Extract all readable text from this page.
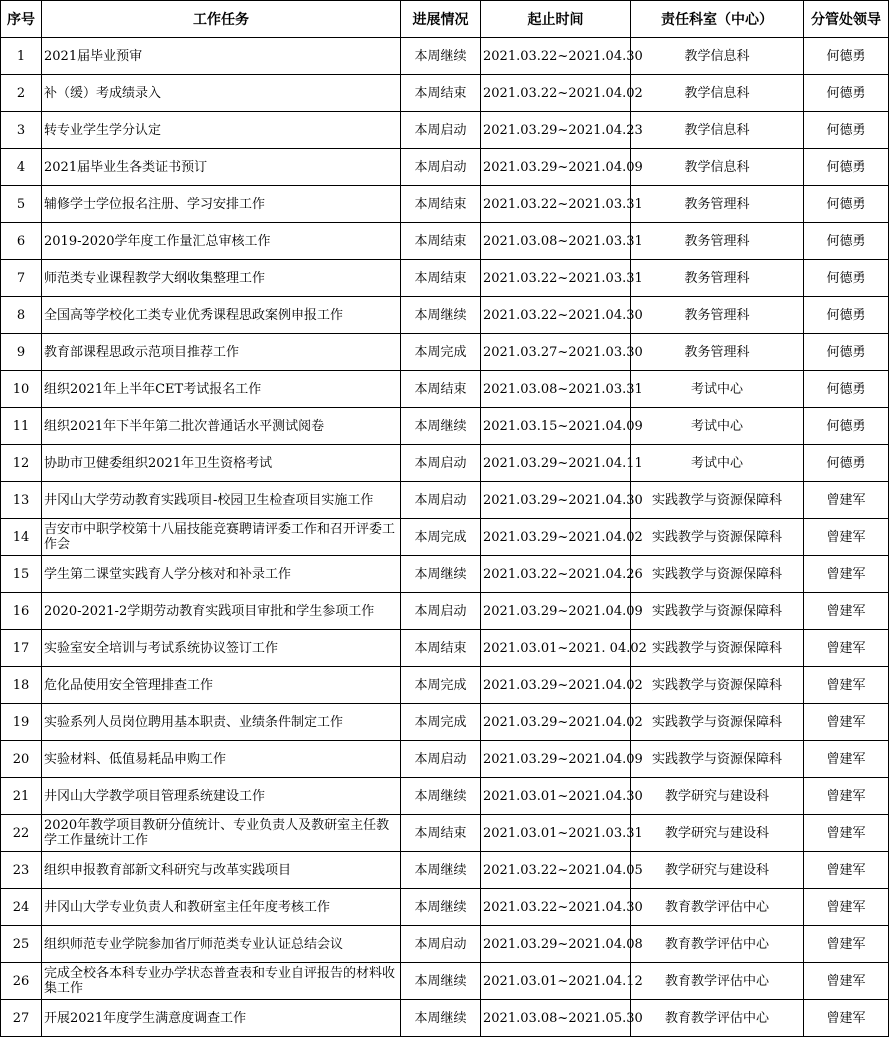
序号	工作任务	进展情况	起止时间	责任科室（中心）	分管处领导
1	2021届毕业预审	本周继续	2021.03.22~2021.04.30	教学信息科	何德勇
2	补（缓）考成绩录入	本周结束	2021.03.22~2021.04.02	教学信息科	何德勇
3	转专业学生学分认定	本周启动	2021.03.29~2021.04.23	教学信息科	何德勇
4	2021届毕业生各类证书预订	本周启动	2021.03.29~2021.04.09	教学信息科	何德勇
5	辅修学士学位报名注册、学习安排工作	本周结束	2021.03.22~2021.03.31	教务管理科	何德勇
6	2019-2020学年度工作量汇总审核工作	本周结束	2021.03.08~2021.03.31	教务管理科	何德勇
7	师范类专业课程教学大纲收集整理工作	本周结束	2021.03.22~2021.03.31	教务管理科	何德勇
8	全国高等学校化工类专业优秀课程思政案例申报工作	本周继续	2021.03.22~2021.04.30	教务管理科	何德勇
9	教育部课程思政示范项目推荐工作	本周完成	2021.03.27~2021.03.30	教务管理科	何德勇
10	组织2021年上半年CET考试报名工作	本周结束	2021.03.08~2021.03.31	考试中心	何德勇
11	组织2021年下半年第二批次普通话水平测试阅卷	本周继续	2021.03.15~2021.04.09	考试中心	何德勇
12	协助市卫健委组织2021年卫生资格考试	本周启动	2021.03.29~2021.04.11	考试中心	何德勇
13	井冈山大学劳动教育实践项目-校园卫生检查项目实施工作	本周启动	2021.03.29~2021.04.30	实践教学与资源保障科	曾建军
14	吉安市中职学校第十八届技能竞赛聘请评委工作和召开评委工作会	本周完成	2021.03.29~2021.04.02	实践教学与资源保障科	曾建军
15	学生第二课堂实践育人学分核对和补录工作	本周继续	2021.03.22~2021.04.26	实践教学与资源保障科	曾建军
16	2020-2021-2学期劳动教育实践项目审批和学生参项工作	本周启动	2021.03.29~2021.04.09	实践教学与资源保障科	曾建军
17	实验室安全培训与考试系统协议签订工作	本周结束	2021.03.01~2021. 04.02	实践教学与资源保障科	曾建军
18	危化品使用安全管理排查工作	本周完成	2021.03.29~2021.04.02	实践教学与资源保障科	曾建军
19	实验系列人员岗位聘用基本职责、业绩条件制定工作	本周完成	2021.03.29~2021.04.02	实践教学与资源保障科	曾建军
20	实验材料、低值易耗品申购工作	本周启动	2021.03.29~2021.04.09	实践教学与资源保障科	曾建军
21	井冈山大学教学项目管理系统建设工作	本周继续	2021.03.01~2021.04.30	教学研究与建设科	曾建军
22	2020年教学项目教研分值统计、专业负责人及教研室主任教学工作量统计工作	本周结束	2021.03.01~2021.03.31	教学研究与建设科	曾建军
23	组织申报教育部新文科研究与改革实践项目	本周继续	2021.03.22~2021.04.05	教学研究与建设科	曾建军
24	井冈山大学专业负责人和教研室主任年度考核工作	本周继续	2021.03.22~2021.04.30	教育教学评估中心	曾建军
25	组织师范专业学院参加省厅师范类专业认证总结会议	本周启动	2021.03.29~2021.04.08	教育教学评估中心	曾建军
26	完成全校各本科专业办学状态普查表和专业自评报告的材料收集工作	本周继续	2021.03.01~2021.04.12	教育教学评估中心	曾建军
27	开展2021年度学生满意度调查工作	本周继续	2021.03.08~2021.05.30	教育教学评估中心	曾建军
